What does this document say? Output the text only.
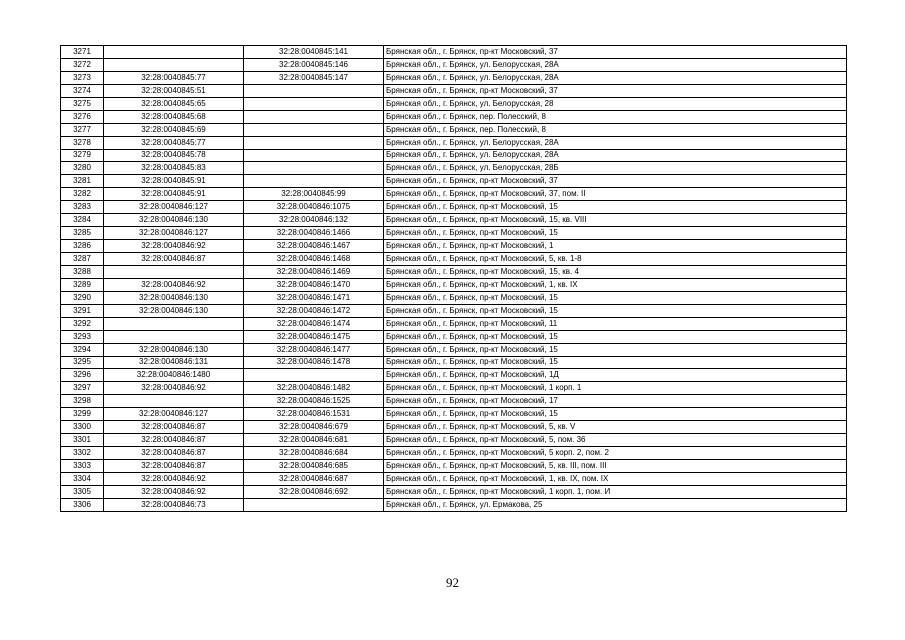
3271		32:28:0040845:141	Брянская обл., г. Брянск, пр-кт Московский, 37
3272		32:28:0040845:146	Брянская обл., г. Брянск, ул. Белорусская, 28А
3273	32:28:0040845:77	32:28:0040845:147	Брянская обл., г. Брянск, ул. Белорусская, 28А
3274	32:28:0040845:51		Брянская обл., г. Брянск, пр-кт Московский, 37
3275	32:28:0040845:65		Брянская обл., г. Брянск, ул. Белорусская, 28
3276	32:28:0040845:68		Брянская обл., г. Брянск, пер. Полесский, 8
3277	32:28:0040845:69		Брянская обл., г. Брянск, пер. Полесский, 8
3278	32:28:0040845:77		Брянская обл., г. Брянск, ул. Белорусская, 28А
3279	32:28:0040845:78		Брянская обл., г. Брянск, ул. Белорусская, 28А
3280	32:28:0040845:83		Брянская обл., г. Брянск, ул. Белорусская, 28Б
3281	32:28:0040845:91		Брянская обл., г. Брянск, пр-кт Московский, 37
3282	32:28:0040845:91	32:28:0040845:99	Брянская обл., г. Брянск, пр-кт Московский, 37, пом. II
3283	32:28:0040846:127	32:28:0040846:1075	Брянская обл., г. Брянск, пр-кт Московский, 15
3284	32:28:0040846:130	32:28:0040846:132	Брянская обл., г. Брянск, пр-кт Московский, 15, кв. VIII
3285	32:28:0040846:127	32:28:0040846:1466	Брянская обл., г. Брянск, пр-кт Московский, 15
3286	32:28:0040846:92	32:28:0040846:1467	Брянская обл., г. Брянск, пр-кт Московский, 1
3287	32:28:0040846:87	32:28:0040846:1468	Брянская обл., г. Брянск, пр-кт Московский, 5, кв. 1-8
3288		32:28:0040846:1469	Брянская обл., г. Брянск, пр-кт Московский, 15, кв. 4
3289	32:28:0040846:92	32:28:0040846:1470	Брянская обл., г. Брянск, пр-кт Московский, 1, кв. IX
3290	32:28:0040846:130	32:28:0040846:1471	Брянская обл., г. Брянск, пр-кт Московский, 15
3291	32:28:0040846:130	32:28:0040846:1472	Брянская обл., г. Брянск, пр-кт Московский, 15
3292		32:28:0040846:1474	Брянская обл., г. Брянск, пр-кт Московский, 11
3293		32:28:0040846:1475	Брянская обл., г. Брянск, пр-кт Московский, 15
3294	32:28:0040846:130	32:28:0040846:1477	Брянская обл., г. Брянск, пр-кт Московский, 15
3295	32:28:0040846:131	32:28:0040846:1478	Брянская обл., г. Брянск, пр-кт Московский, 15
3296	32:28:0040846:1480		Брянская обл., г. Брянск, пр-кт Московский, 1Д
3297	32:28:0040846:92	32:28:0040846:1482	Брянская обл., г. Брянск, пр-кт Московский, 1 корп. 1
3298		32:28:0040846:1525	Брянская обл., г. Брянск, пр-кт Московский, 17
3299	32:28:0040846:127	32:28:0040846:1531	Брянская обл., г. Брянск, пр-кт Московский, 15
3300	32:28:0040846:87	32:28:0040846:679	Брянская обл., г. Брянск, пр-кт Московский, 5, кв. V
3301	32:28:0040846:87	32:28:0040846:681	Брянская обл., г. Брянск, пр-кт Московский, 5, пом. 36
3302	32:28:0040846:87	32:28:0040846:684	Брянская обл., г. Брянск, пр-кт Московский, 5 корп. 2, пом. 2
3303	32:28:0040846:87	32:28:0040846:685	Брянская обл., г. Брянск, пр-кт Московский, 5, кв. III, пом. III
3304	32:28:0040846:92	32:28:0040846:687	Брянская обл., г. Брянск, пр-кт Московский, 1, кв. IX, пом. IX
3305	32:28:0040846:92	32:28:0040846:692	Брянская обл., г. Брянск, пр-кт Московский, 1 корп. 1, пом. И
3306	32:28:0040846:73		Брянская обл., г. Брянск, ул. Ермакова, 25
92
